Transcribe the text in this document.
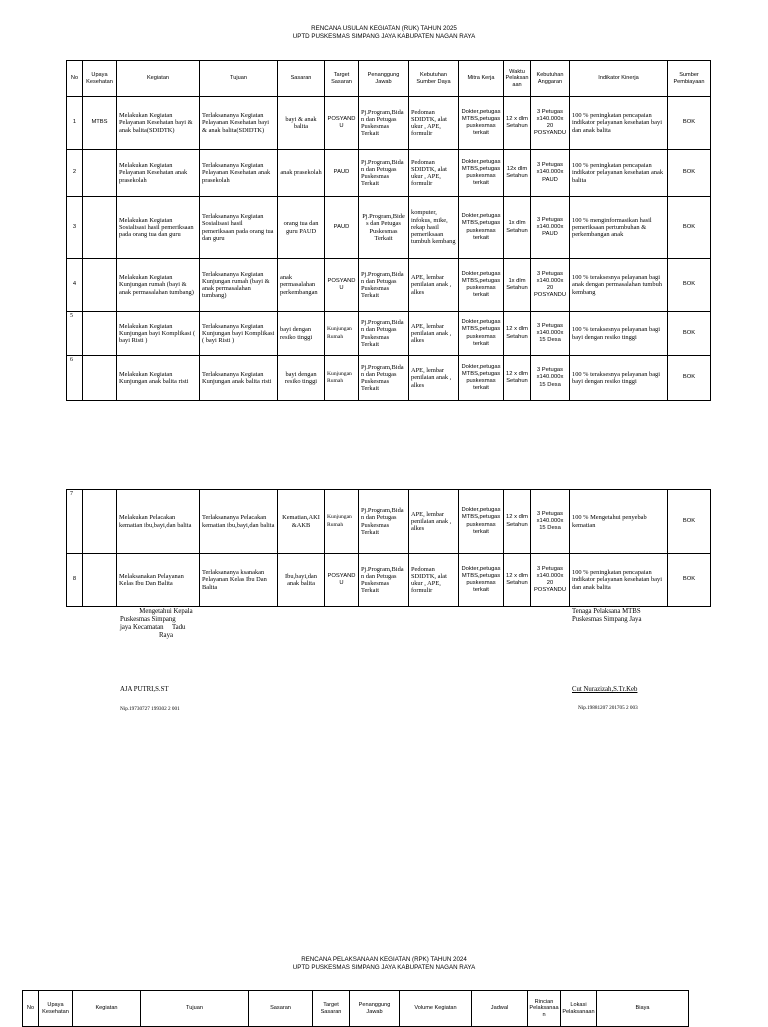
RENCANA USULAN KEGIATAN (RUK) TAHUN 2025
UPTD PUSKESMAS SIMPANG JAYA KABUPATEN NAGAN RAYA
No	Upaya Kesehatan	Kegiatan	Tujuan	Sasaran	Target Sasaran	Penanggung Jawab	Kebutuhan Sumber Daya	Mitra Kerja	Waktu Pelaksanaan	Kebutuhan Anggaran	Indikator Kinerja	Sumber Pembiayaan
1	MTBS	Melakukan Kegiatan Pelayanan Kesehatan bayi & anak balita(SDIDTK)	Terlaksananya Kegiatan Pelayanan Kesehatan bayi & anak balita(SDIDTK)	bayi & anak balita	POSYANDU	Pj.Program,Bidan dan Petugas Puskesmas Terkait	Pedoman SDIDTK, alat ukur , APE, formulir	Dokter,petugas MTBS,petugas puskesmas terkait	12 x dlm Setahun	3 Petugas x140.000x 20 POSYANDU	100 % peningkatan pencapaian indikator pelayanan kesehatan bayi dan anak balita	BOK
2		Melakukan Kegiatan Pelayanan Kesehatan anak prasekolah	Terlaksananya Kegiatan Pelayanan Kesehatan anak prasekolah	anak prasekolah	PAUD	Pj.Program,Bidan dan Petugas Puskesmas Terkait	Pedoman SDIDTK, alat ukur , APE, formulir	Dokter,petugas MTBS,petugas puskesmas terkait	12x dlm Setahun	3 Petugas x140.000x PAUD	100 % peningkatan pencapaian indikator pelayanan kesehatan anak balita	BOK
3		Melakukan Kegiatan Sosialisasi hasil pemeriksaan pada orang tua dan guru	Terlaksananya Kegiatan Sosialisasi hasil pemeriksaan pada orang tua dan guru	orang tua dan guru PAUD	PAUD	Pj.Program,Bides dan Petugas Puskesmas Terkait	komputer, infokus, mike, rekap hasil pemeriksaan tumbuh kembang	Dokter,petugas MTBS,petugas puskesmas terkait	1x dlm Setahun	3 Petugas x140.000x PAUD	100 % menginformasikan hasil pemeriksaan pertumbuhan & perkembangan anak	BOK
4		Melakukan Kegiatan Kunjungan rumah (bayi & anak permasalahan tumbang)	Terlaksananya Kegiatan Kunjungan rumah (bayi & anak permasalahan tumbang)	anak permasalahan perkembangan	POSYANDU	Pj.Program,Bidan dan Petugas Puskesmas Terkait	APE, lembar penilaian anak , alkes	Dokter,petugas MTBS,petugas puskesmas terkait	1x dlm Setahun	3 Petugas x140.000x 20 POSYANDU	100 % teraksesnya pelayanan bagi anak dengan permasalahan tumbuh kembang	BOK
5		Melakukan Kegiatan Kunjungan bayi Komplikasi ( bayi Risti )	Terlaksananya Kegiatan Kunjungan bayi Komplikasi ( bayi Risti )	bayi dengan resiko tinggi	Kunjungan Rumah	Pj.Program,Bidan dan Petugas Puskesmas Terkait	APE, lembar penilaian anak , alkes	Dokter,petugas MTBS,petugas puskesmas terkait	12 x dlm Setahun	3 Petugas x140.000x 15 Desa	100 % teraksesnya pelayanan bagi bayi dengan resiko tinggi	BOK
6		Melakukan Kegiatan Kunjungan anak balita risti	Terlaksananya Kegiatan Kunjungan anak balita risti	bayi dengan resiko tinggi	Kunjungan Rumah	Pj.Program,Bidan dan Petugas Puskesmas Terkait	APE, lembar penilaian anak , alkes	Dokter,petugas MTBS,petugas puskesmas terkait	12 x dlm Setahun	3 Petugas x140.000x 15 Desa	100 % teraksesnya pelayanan bagi bayi dengan resiko tinggi	BOK
7		Melakukan Pelacakan kematian ibu,bayi,dan balita	Terlaksananya Pelacakan kematian ibu,bayi,dan balita	Kematian,AKI &AKB	Kunjungan Rumah	Pj.Program,Bidan dan Petugas Puskesmas Terkait	APE, lembar penilaian anak , alkes	Dokter,petugas MTBS,petugas puskesmas terkait	12 x dlm Setahun	3 Petugas x140.000x 15 Desa	100 % Mengetahui penyebab kematian	BOK
8		Melaksanakan Pelayanan Kelas Ibu Dan Balita	Terlaksananya ksanakan Pelayanan Kelas Ibu Dan Balita	Ibu,bayi,dan anak balita	POSYANDU	Pj.Program,Bidan dan Petugas Puskesmas Terkait	Pedoman SDIDTK, alat ukur , APE, formulir	Dokter,petugas MTBS,petugas puskesmas terkait	12 x dlm Setahun	3 Petugas x140.000x 20 POSYANDU	100 % peningkatan pencapaian indikator pelayanan kesehatan bayi dan anak balita	BOK
Mengetahui Kepala
Puskesmas Simpang
jaya Kecamatan     Tadu
Raya
AJA PUTRI,S.ST
Nip.19730727 199302 2 001
Tenaga Pelaksana MTBS
Puskesmas Simpang Jaya
Cut Nurazizah,S.Tr.Keb
Nip.19881207 201705 2 003
RENCANA PELAKSANAAN KEGIATAN (RPK) TAHUN 2024
UPTD PUSKESMAS SIMPANG JAYA KABUPATEN NAGAN RAYA
No	Upaya Kesehatan	Kegiatan	Tujuan	Sasaran	Target Sasaran	Penanggung Jawab	Volume Kegiatan	Jadwal	Rincian Pelaksanaan	Lokasi Pelaksanaan	Biaya
